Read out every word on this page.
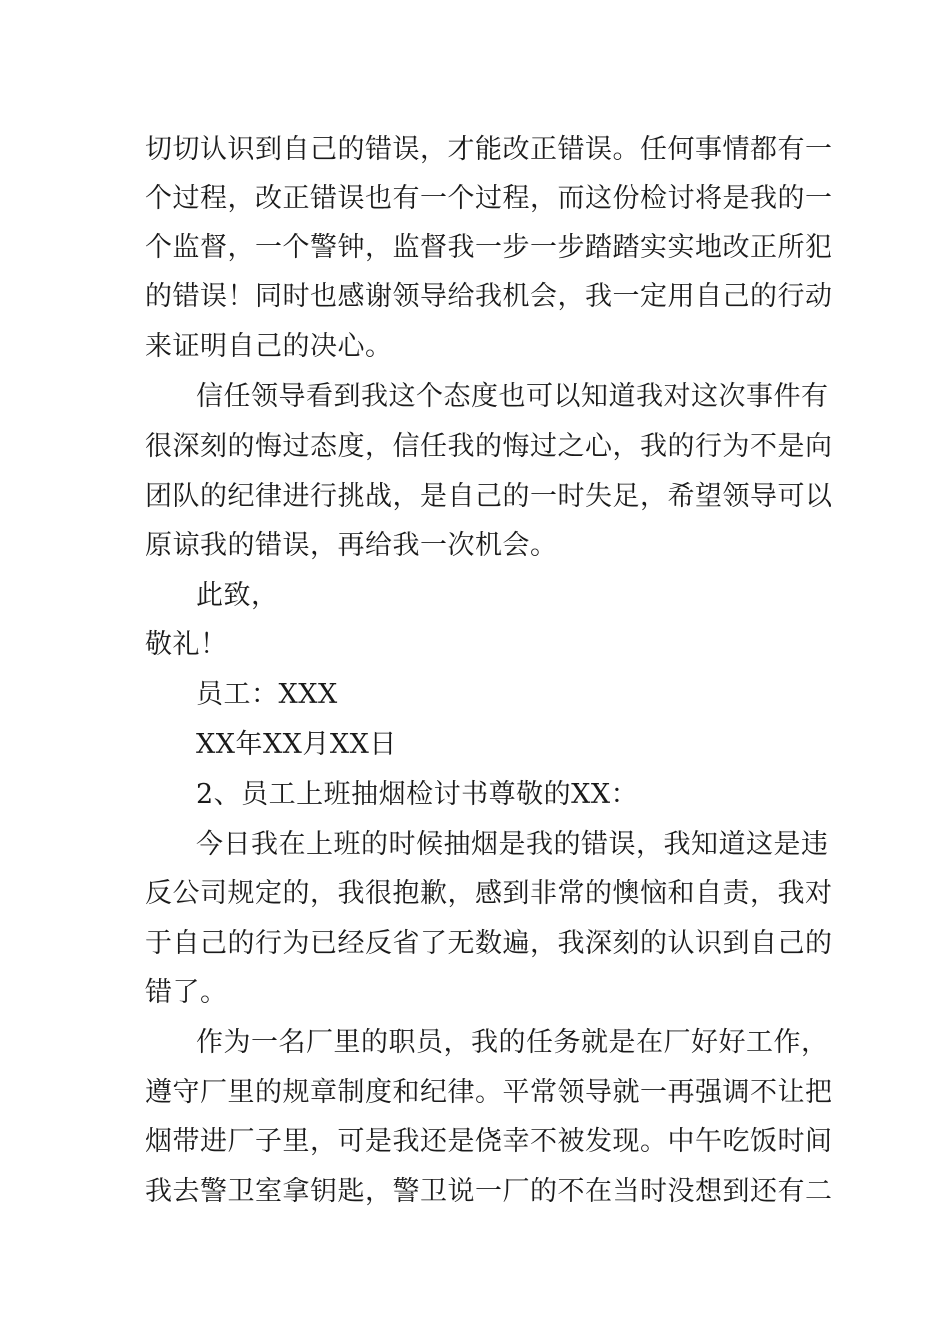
切切认识到自己的错误，才能改正错误。任何事情都有一
个过程，改正错误也有一个过程，而这份检讨将是我的一
个监督，一个警钟，监督我一步一步踏踏实实地改正所犯
的错误！同时也感谢领导给我机会，我一定用自己的行动
来证明自己的决心。
信任领导看到我这个态度也可以知道我对这次事件有
很深刻的悔过态度，信任我的悔过之心，我的行为不是向
团队的纪律进行挑战，是自己的一时失足，希望领导可以
原谅我的错误，再给我一次机会。
此致，
敬礼！
员工：XXX
XX年XX月XX日
2、员工上班抽烟检讨书尊敬的XX：
今日我在上班的时候抽烟是我的错误，我知道这是违
反公司规定的，我很抱歉，感到非常的懊恼和自责，我对
于自己的行为已经反省了无数遍，我深刻的认识到自己的
错了。
作为一名厂里的职员，我的任务就是在厂好好工作，
遵守厂里的规章制度和纪律。平常领导就一再强调不让把
烟带进厂子里，可是我还是侥幸不被发现。中午吃饭时间
我去警卫室拿钥匙，警卫说一厂的不在当时没想到还有二
